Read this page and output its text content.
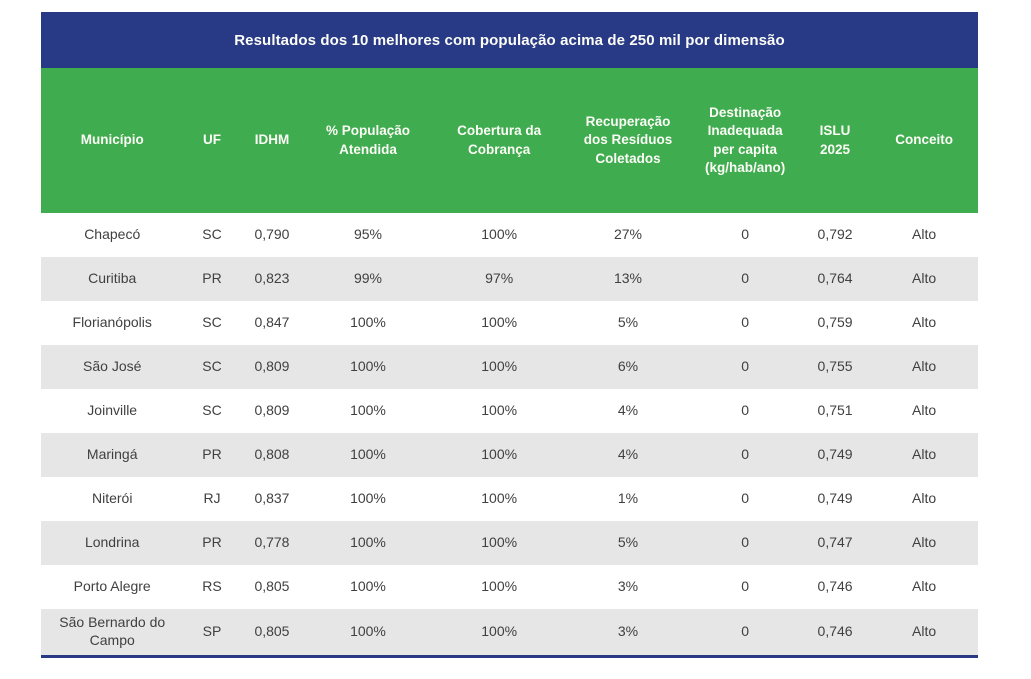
Resultados dos 10 melhores com população acima de 250 mil por dimensão								
Município	UF	IDHM	% População Atendida	Cobertura da Cobrança	Recuperação dos Resíduos Coletados	Destinação Inadequada per capita (kg/hab/ano)	ISLU 2025	Conceito
Chapecó	SC	0,790	95%	100%	27%	0	0,792	Alto
Curitiba	PR	0,823	99%	97%	13%	0	0,764	Alto
Florianópolis	SC	0,847	100%	100%	5%	0	0,759	Alto
São José	SC	0,809	100%	100%	6%	0	0,755	Alto
Joinville	SC	0,809	100%	100%	4%	0	0,751	Alto
Maringá	PR	0,808	100%	100%	4%	0	0,749	Alto
Niterói	RJ	0,837	100%	100%	1%	0	0,749	Alto
Londrina	PR	0,778	100%	100%	5%	0	0,747	Alto
Porto Alegre	RS	0,805	100%	100%	3%	0	0,746	Alto
São Bernardo do Campo	SP	0,805	100%	100%	3%	0	0,746	Alto
